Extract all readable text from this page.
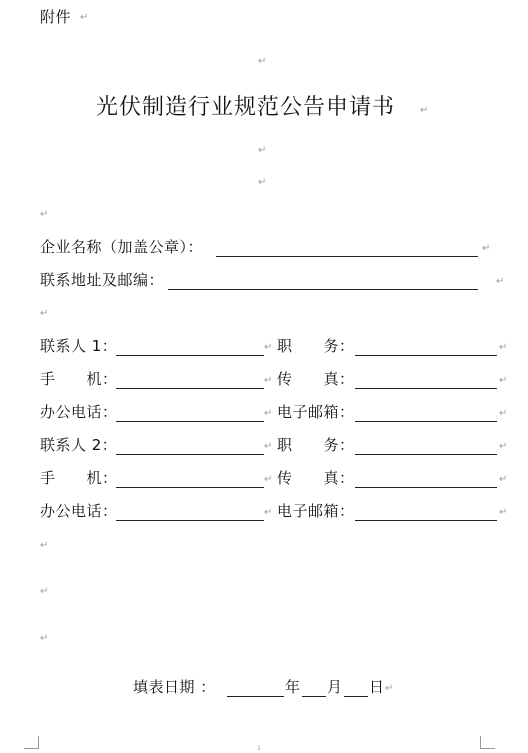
附件 ↵
↵
光伏制造行业规范公告申请书 ↵
↵
↵
↵
企业名称（加盖公章）：	↵
联系地址及邮编：	↵
↵
联系人 1：	↵ 职　　务：	↵
手　　机：	↵ 传　　真：	↵
办公电话：	↵ 电子邮箱：	↵
联系人 2：	↵ 职　　务：	↵
手　　机：	↵ 传　　真：	↵
办公电话：	↵ 电子邮箱：	↵
↵
↵
↵
填表日期 ：	年 月 日 ↵
1
